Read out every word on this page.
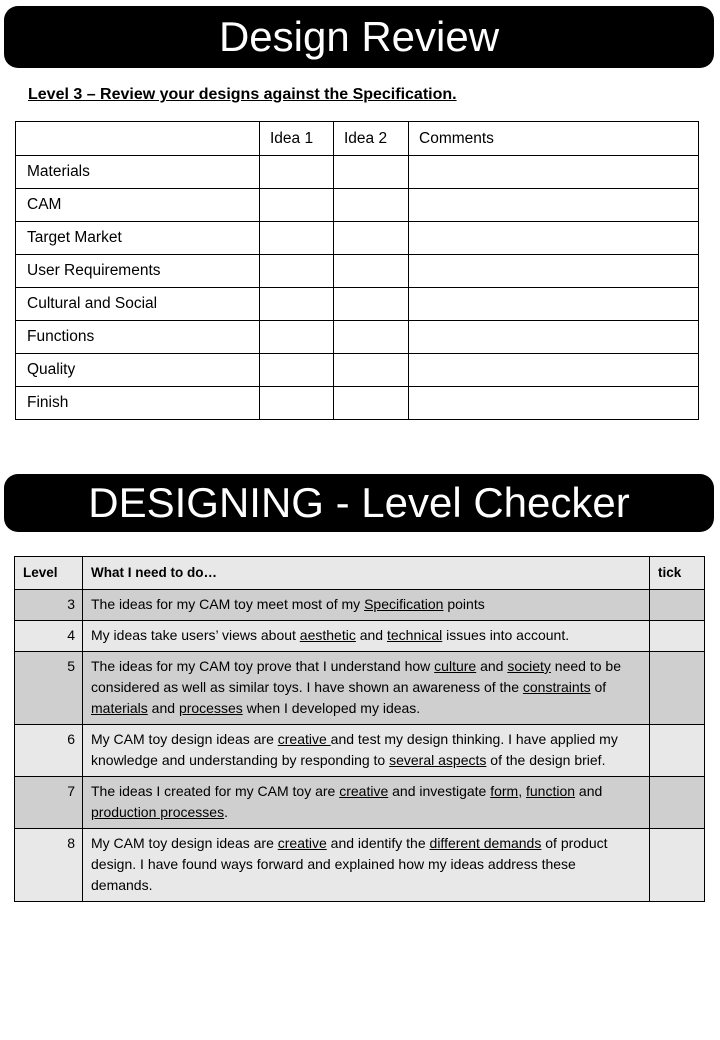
Design Review
Level 3 – Review your designs against the Specification.
	Idea 1	Idea 2	Comments
Materials			
CAM			
Target Market			
User Requirements			
Cultural and Social			
Functions			
Quality			
Finish			
DESIGNING - Level Checker
Level	What I need to do…	tick
3	The ideas for my CAM toy meet most of my Specification points	
4	My ideas take users’ views about aesthetic and technical issues into account.	
5	The ideas for my CAM toy prove that I understand how culture and society need to be considered as well as similar toys. I have shown an awareness of the constraints of materials and processes when I developed my ideas.	
6	My CAM toy design ideas are creative and test my design thinking. I have applied my knowledge and understanding by responding to several aspects of the design brief.	
7	The ideas I created for my CAM toy are creative and investigate form, function and production processes.	
8	My CAM toy design ideas are creative and identify the different demands of product design. I have found ways forward and explained how my ideas address these demands.	
